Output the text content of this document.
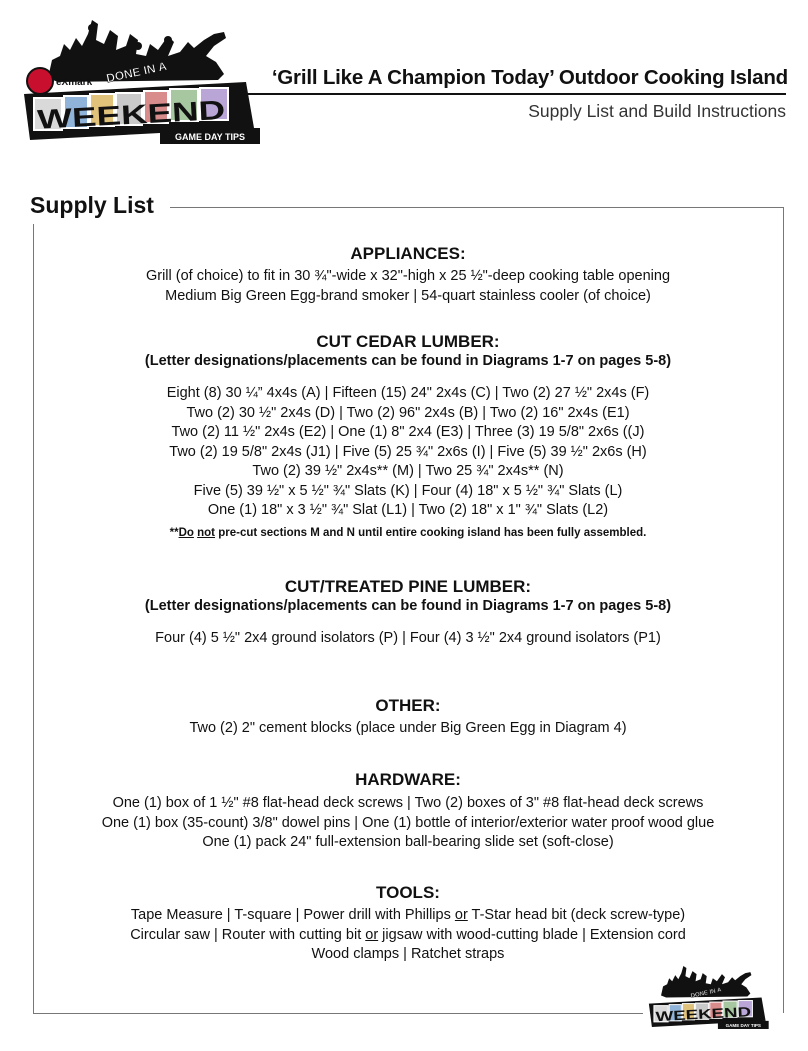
eXmark DONE IN A
WEEKEND
GAME DAY TIPS
‘Grill Like A Champion Today’ Outdoor Cooking Island
Supply List and Build Instructions
Supply List

APPLIANCES:

Grill (of choice) to fit in 30 ¾"-wide x 32"-high x 25 ½"-deep cooking table opening

Medium Big Green Egg-brand smoker | 54-quart stainless cooler (of choice)

CUT CEDAR LUMBER:

(Letter designations/placements can be found in Diagrams 1-7 on pages 5-8)

Eight (8) 30 ¼” 4x4s (A) | Fifteen (15) 24" 2x4s (C) | Two (2) 27 ½" 2x4s (F)

Two (2) 30 ½" 2x4s (D) | Two (2) 96" 2x4s (B) | Two (2) 16" 2x4s (E1)

Two (2) 11 ½" 2x4s (E2) | One (1) 8" 2x4 (E3) | Three (3) 19 5/8" 2x6s ((J)

Two (2) 19 5/8" 2x4s (J1) | Five (5) 25 ¾" 2x6s (I) | Five (5) 39 ½" 2x6s (H)

Two (2) 39 ½" 2x4s** (M) | Two 25 ¾" 2x4s** (N)

Five (5) 39 ½" x 5 ½" ¾" Slats (K) | Four (4) 18" x 5 ½" ¾" Slats (L)

One (1) 18" x 3 ½" ¾" Slat (L1) | Two (2) 18" x 1" ¾" Slats (L2)

**Do not pre-cut sections M and N until entire cooking island has been fully assembled.

CUT/TREATED PINE LUMBER:

(Letter designations/placements can be found in Diagrams 1-7 on pages 5-8)

Four (4) 5 ½" 2x4 ground isolators (P) | Four (4) 3 ½" 2x4 ground isolators (P1)

OTHER:

Two (2) 2" cement blocks (place under Big Green Egg in Diagram 4)

HARDWARE:

One (1) box of 1 ½" #8 flat-head deck screws | Two (2) boxes of 3" #8 flat-head deck screws

One (1) box (35-count) 3/8" dowel pins | One (1) bottle of interior/exterior water proof wood glue

One (1) pack 24" full-extension ball-bearing slide set (soft-close)

TOOLS:

Tape Measure | T-square | Power drill with Phillips or T-Star head bit (deck screw-type)

Circular saw | Router with cutting bit or jigsaw with wood-cutting blade | Extension cord

Wood clamps | Ratchet straps

DONE IN A
WEEKEND
GAME DAY TIPS
